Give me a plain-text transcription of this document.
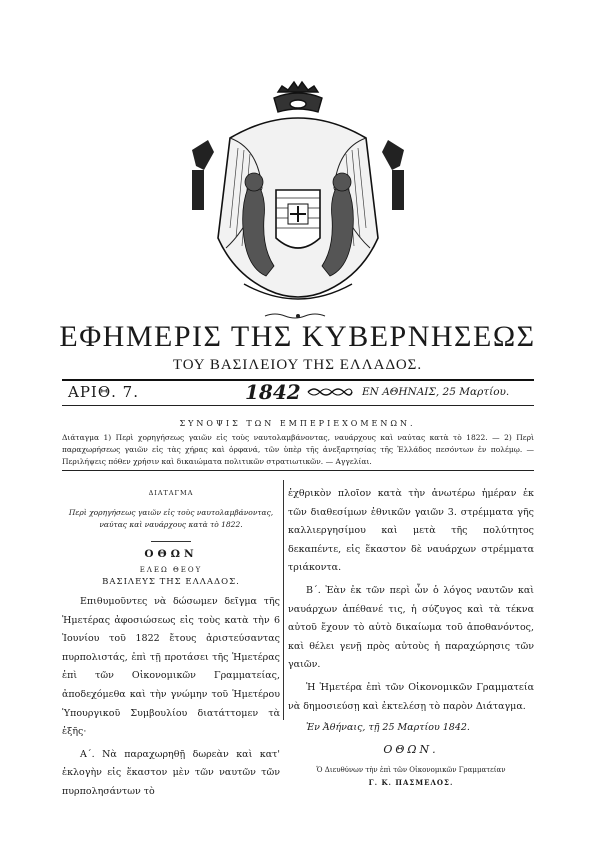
ΕΦΗΜΕΡΙΣ ΤΗΣ ΚΥΒΕΡΝΗΣΕΩΣ
ΤΟΥ ΒΑΣΙΛΕΙΟΥ ΤΗΣ ΕΛΛΑΔΟΣ.
ΑΡΙΘ. 7.	1842	ΕΝ ΑΘΗΝΑΙΣ, 25 Μαρτίου.
ΣΥΝΟΨΙΣ ΤΩΝ ΕΜΠΕΡΙΕΧΟΜΕΝΩΝ.
Διάταγμα 1) Περὶ χορηγήσεως γαιῶν εἰς τοὺς ναυτολαμβάνοντας, ναυάρχους καὶ ναύτας κατὰ τὸ 1822. — 2) Περὶ παραχωρήσεως γαιῶν εἰς τὰς χήρας καὶ ὀρφανά, τῶν ὑπὲρ τῆς ἀνεξαρτησίας τῆς Ἑλλάδος πεσόντων ἐν πολέμῳ. — Περιλήψεις πόθεν χρήσιν καὶ δικαιώματα πολιτικῶν στρατιωτικῶν. — Αγγελίαι.
ΔΙΑΤΑΓΜΑ
Περὶ χορηγήσεως γαιῶν εἰς τοὺς ναυτολαμβάνοντας, ναύτας καὶ ναυάρχους κατὰ τὸ 1822.
ΟΘΩΝ
ΕΛΕΩ ΘΕΟΥ
ΒΑΣΙΛΕΥΣ ΤΗΣ ΕΛΛΑΔΟΣ.

Επιθυμοῦντες νὰ δώσωμεν δεῖγμα τῆς Ἡμετέρας ἀφοσιώσεως εἰς τοὺς κατὰ τὴν 6 Ἰουνίου τοῦ 1822 ἔτους ἀριστεύσαντας πυρπολιστάς, ἐπὶ τῇ προτάσει τῆς Ἡμετέρας ἐπὶ τῶν Οἰκονομικῶν Γραμματείας, ἀποδεχόμεθα καὶ τὴν γνώμην τοῦ Ἡμετέρου Ὑπουργικοῦ Συμβουλίου διατάττομεν τὰ ἑξῆς·

Α΄. Νὰ παραχωρηθῇ δωρεὰν καὶ κατ' ἐκλογὴν εἰς ἕκαστον μὲν τῶν ναυτῶν τῶν πυρπολησάντων τὸ

ἐχθρικὸν πλοῖον κατὰ τὴν ἀνωτέρω ἡμέραν ἐκ τῶν διαθεσίμων ἐθνικῶν γαιῶν 3. στρέμματα γῆς καλλιεργησίμου καὶ μετὰ τῆς πολύτητος δεκαπέντε, εἰς ἕκαστον δὲ ναυάρχων στρέμματα τριάκοντα.

Β΄. Ἐὰν ἐκ τῶν περὶ ὧν ὁ λόγος ναυτῶν καὶ ναυάρχων ἀπέθανέ τις, ἡ σύζυγος καὶ τὰ τέκνα αὐτοῦ ἔχουν τὸ αὐτὸ δικαίωμα τοῦ ἀποθανόντος, καὶ θέλει γενῇ πρὸς αὐτοὺς ἡ παραχώρησις τῶν γαιῶν.

Ἡ Ἡμετέρα ἐπὶ τῶν Οἰκονομικῶν Γραμματεία νὰ δημοσιεύσῃ καὶ ἐκτελέσῃ τὸ παρὸν Διάταγμα.

Ἐν Ἀθήναις, τῇ 25 Μαρτίου 1842.
ΟΘΩΝ.
Ὁ Διευθύνων τὴν ἐπὶ τῶν Οἰκονομικῶν Γραμματείαν
Γ. Κ. ΠΑΣΜΕΛΟΣ.
